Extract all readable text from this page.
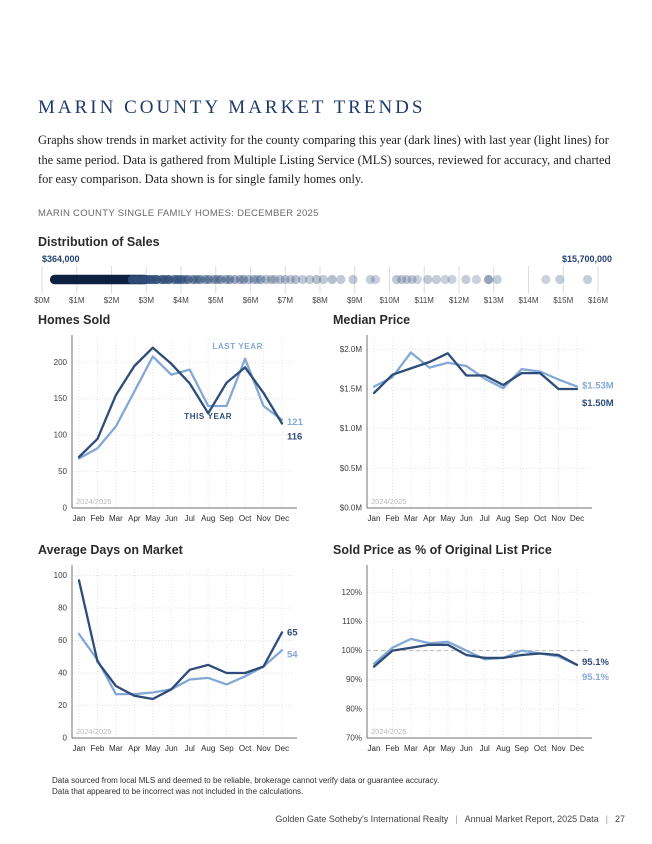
MARIN COUNTY MARKET TRENDS

Graphs show trends in market activity for the county comparing this year (dark lines) with last year (light lines) for the same period. Data is gathered from Multiple Listing Service (MLS) sources, reviewed for accuracy, and charted for easy comparison. Data shown is for single family homes only.

MARIN COUNTY SINGLE FAMILY HOMES: DECEMBER 2025
Distribution of Sales
$0M $1M $2M $3M $4M $5M $6M $7M $8M $9M $10M $11M $12M $13M $14M $15M $16M
$364,000	$15,700,000
Homes Sold
0
50
100
150
200
2024/2025
Jan Feb Mar Apr May Jun Jul Aug Sep Oct Nov Dec
121
116
LAST YEAR
THIS YEAR
Median Price
$0.0M
$0.5M
$1.0M
$1.5M
$2.0M
2024/2025
Jan Feb Mar Apr May Jun Jul Aug Sep Oct Nov Dec
$1.53M
$1.50M
Average Days on Market
0
20
40
60
80
100
2024/2025
Jan Feb Mar Apr May Jun Jul Aug Sep Oct Nov Dec
65
54
Sold Price as % of Original List Price
70%
80%
90%
100%
110%
120%
2024/2025
Jan Feb Mar Apr May Jun Jul Aug Sep Oct Nov Dec
95.1%
95.1%
Data sourced from local MLS and deemed to be reliable, brokerage cannot verify data or guarantee accuracy.
Data that appeared to be incorrect was not included in the calculations.
Golden Gate Sotheby's International Realty | Annual Market Report, 2025 Data | 27
